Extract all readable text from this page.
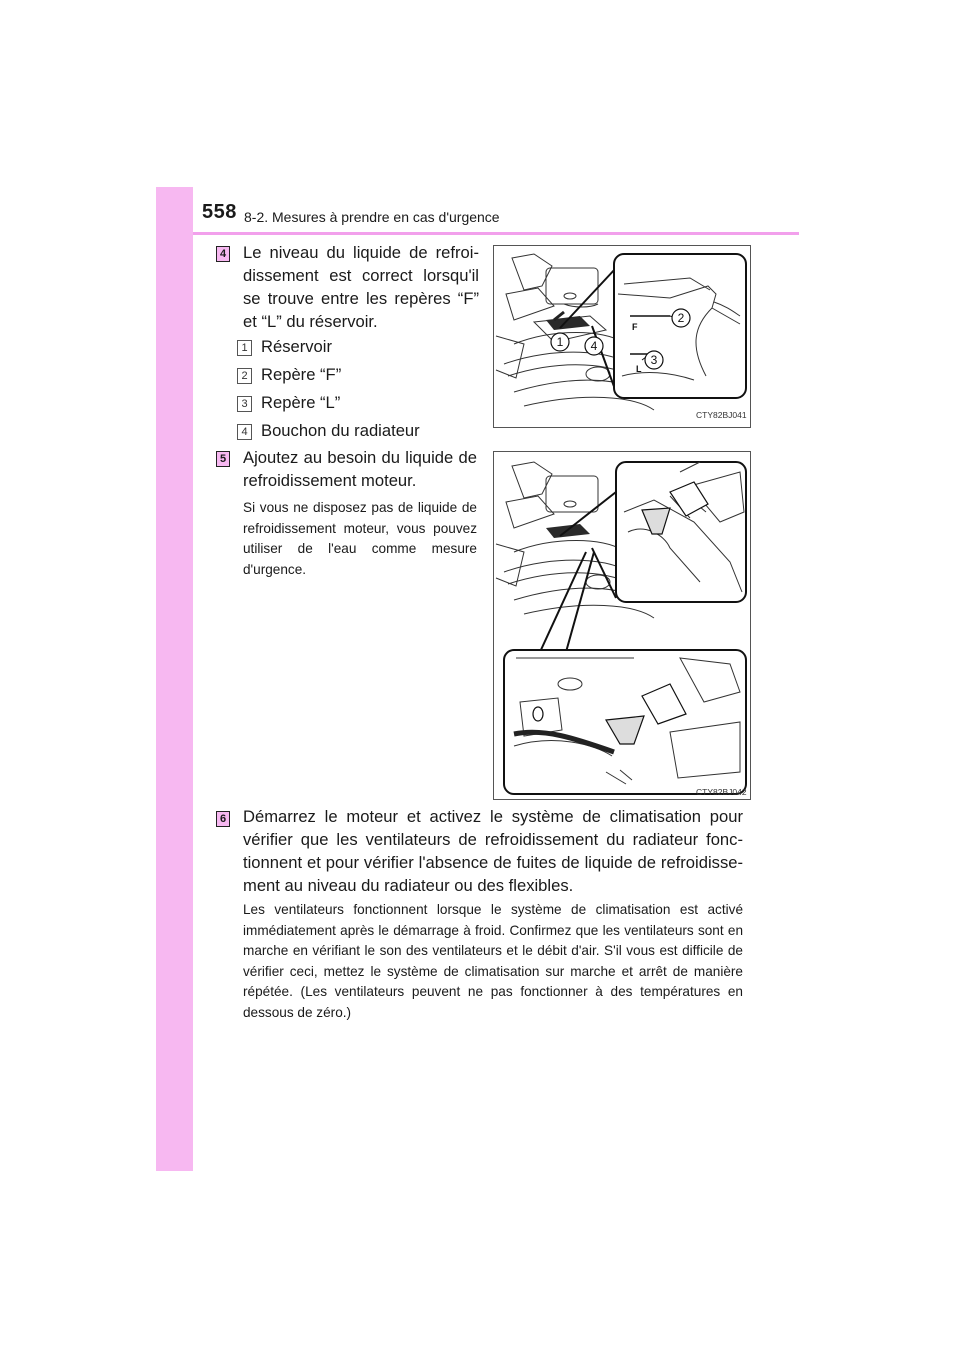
558 8-2. Mesures à prendre en cas d'urgence
4 Le niveau du liquide de refroi-dissement est correct lorsqu'il se trouve entre les repères “F” et “L” du réservoir.
1 Réservoir
2 Repère “F”
3 Repère “L”
4 Bouchon du radiateur
F
L
1
2
3
4
CTY82BJ041
5 Ajoutez au besoin du liquide de refroidissement moteur.
Si vous ne disposez pas de liquide de refroidissement moteur, vous pouvez utiliser de l'eau comme mesure d'urgence.
CTY82BJ042
6 Démarrez le moteur et activez le système de climatisation pour vérifier que les ventilateurs de refroidissement du radiateur fonc-tionnent et pour vérifier l'absence de fuites de liquide de refroidisse-ment au niveau du radiateur ou des flexibles.
Les ventilateurs fonctionnent lorsque le système de climatisation est activé immédiatement après le démarrage à froid. Confirmez que les ventilateurs sont en marche en vérifiant le son des ventilateurs et le débit d'air. S'il vous est difficile de vérifier ceci, mettez le système de climatisation sur marche et arrêt de manière répétée. (Les ventilateurs peuvent ne pas fonctionner à des températures en dessous de zéro.)
